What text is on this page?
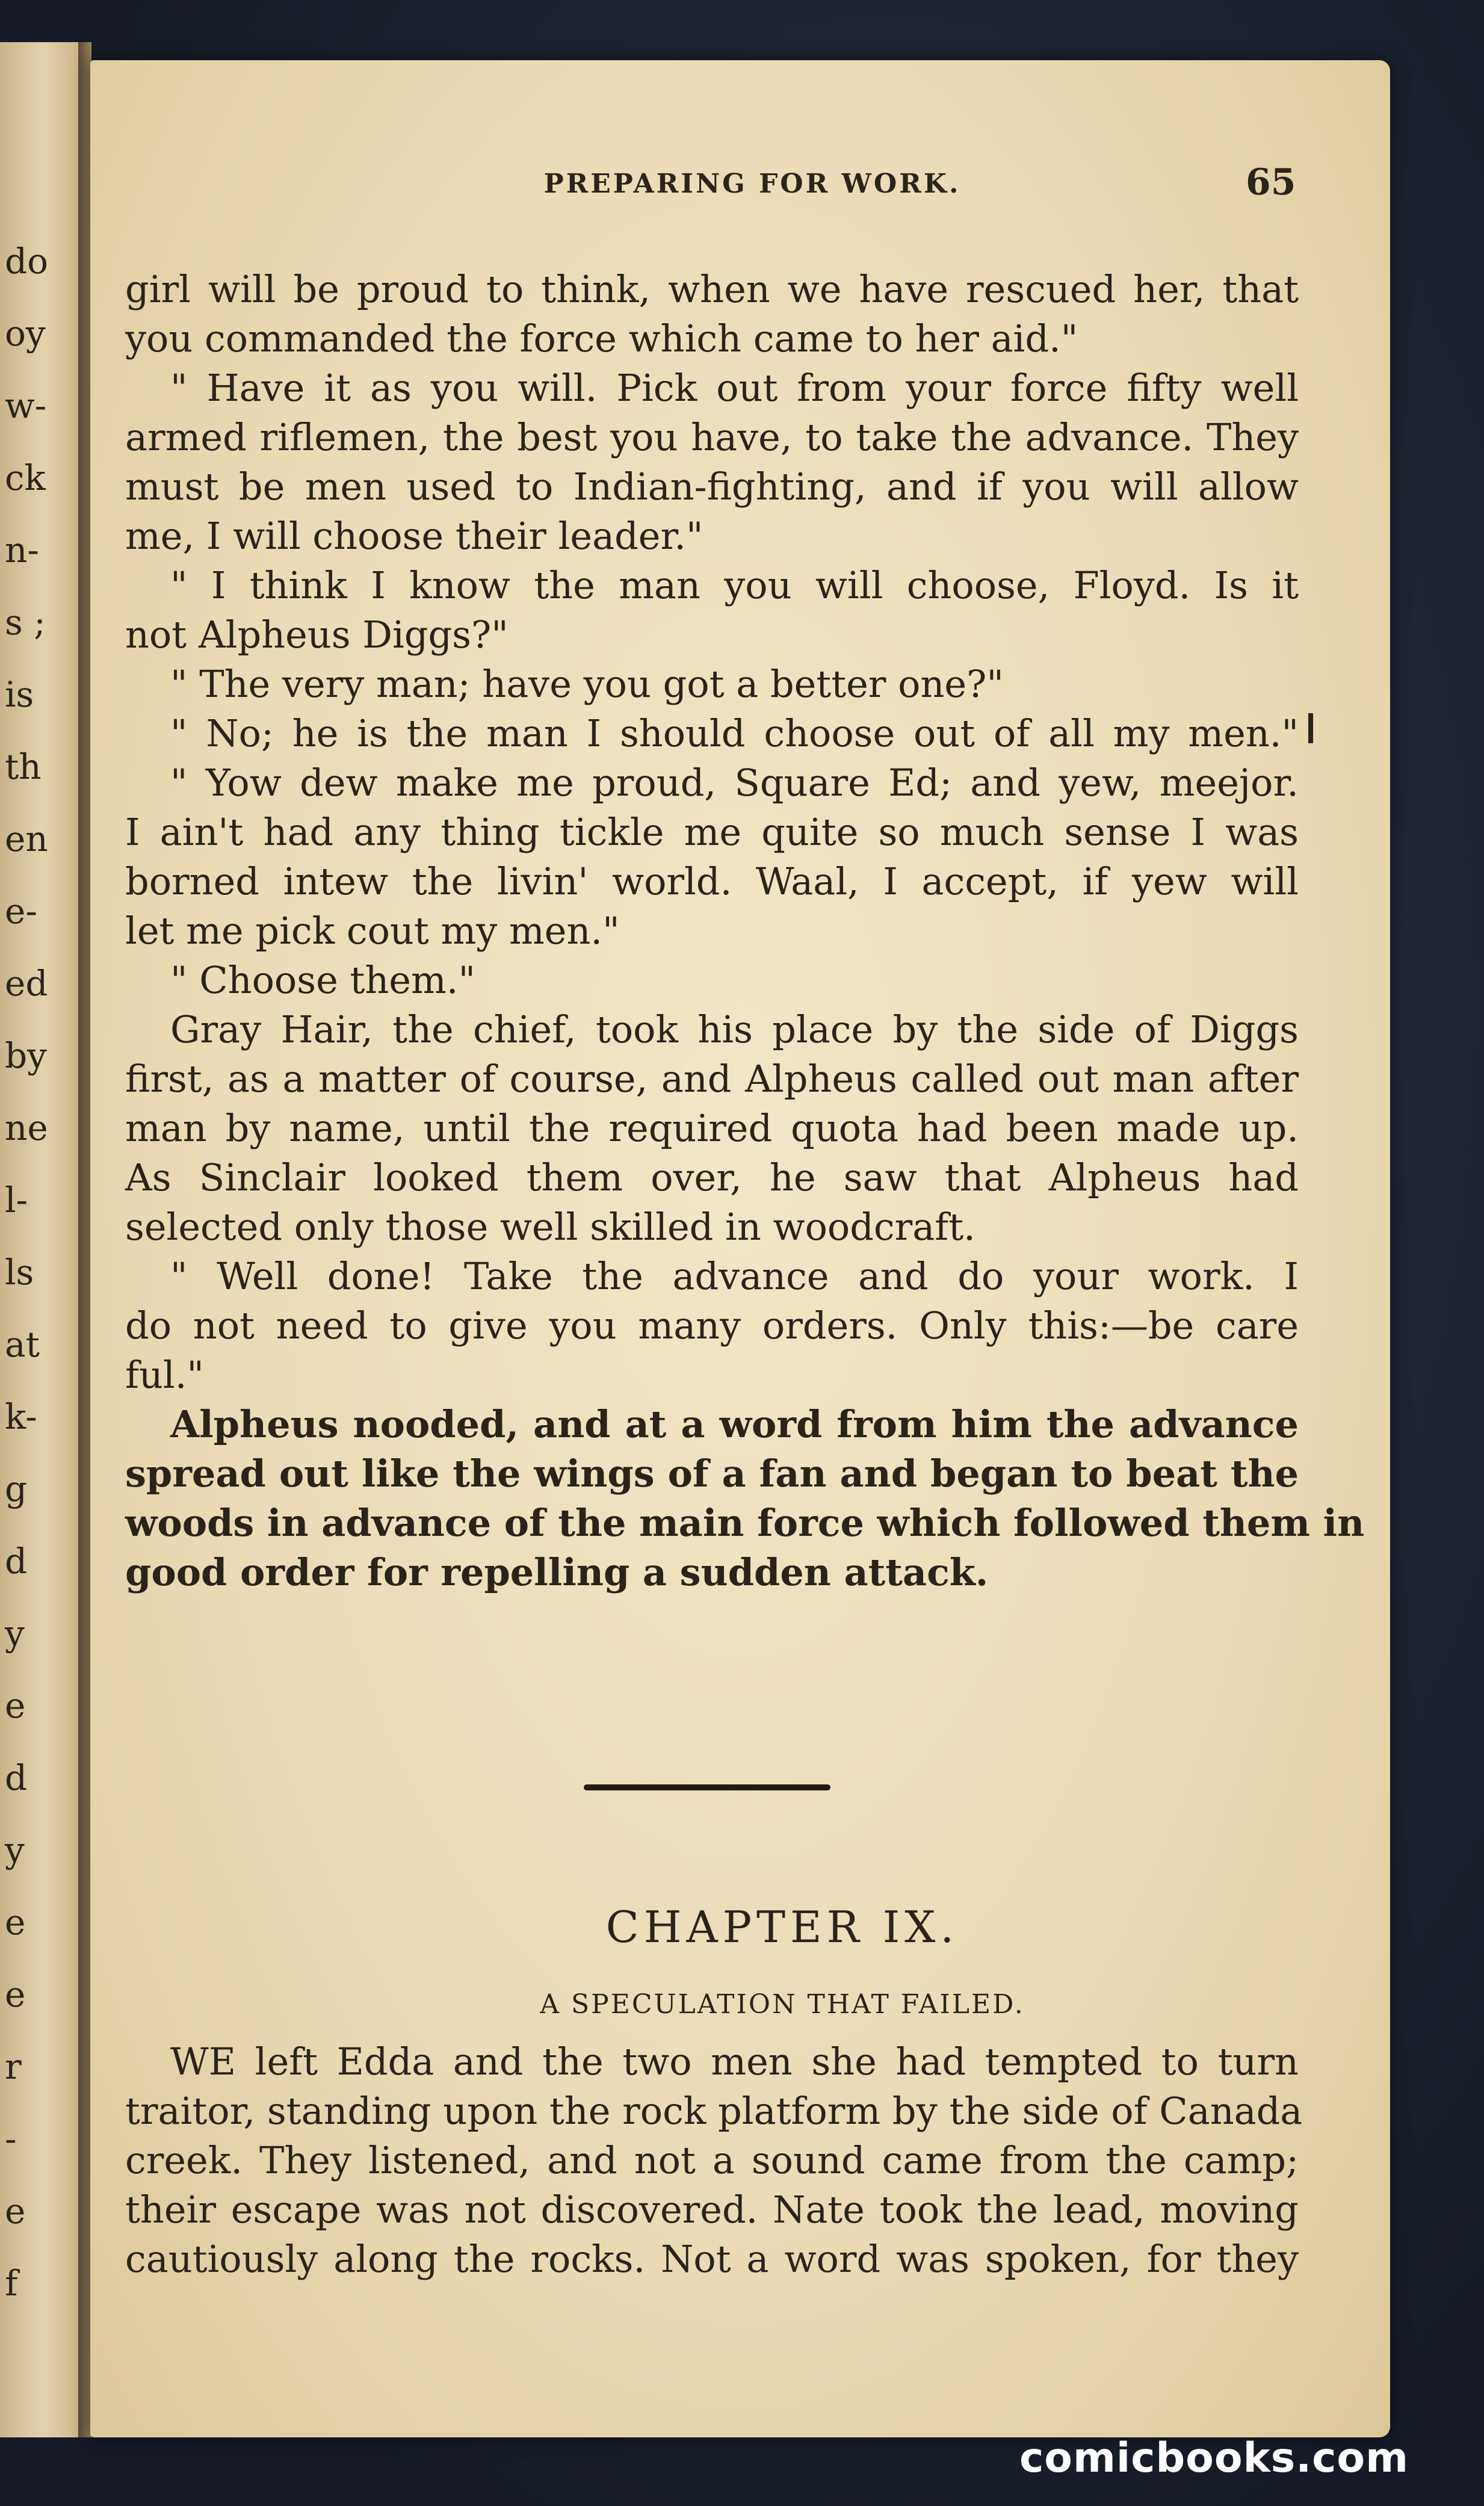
do
oy
w-
ck
n-
s ;
is
th
en
e-
ed
by
ne
l-
ls
at
k-
g
d
y
e
d
y
e
e
r
-
e
f
PREPARING FOR WORK.	65
girl will be proud to think, when we have rescued her, that
you commanded the force which came to her aid."
" Have it as you will. Pick out from your force fifty well
armed riflemen, the best you have, to take the advance. They
must be men used to Indian-fighting, and if you will allow
me, I will choose their leader."
" I think I know the man you will choose, Floyd. Is it
not Alpheus Diggs?"
" The very man; have you got a better one?"
" No; he is the man I should choose out of all my men."
" Yow dew make me proud, Square Ed; and yew, meejor.
I ain't had any thing tickle me quite so much sense I was
borned intew the livin' world. Waal, I accept, if yew will
let me pick cout my men."
" Choose them."
Gray Hair, the chief, took his place by the side of Diggs
first, as a matter of course, and Alpheus called out man after
man by name, until the required quota had been made up.
As Sinclair looked them over, he saw that Alpheus had
selected only those well skilled in woodcraft.
" Well done! Take the advance and do your work. I
do not need to give you many orders. Only this:—be care
ful."
Alpheus nooded, and at a word from him the advance
spread out like the wings of a fan and began to beat the
woods in advance of the main force which followed them in
good order for repelling a sudden attack.
CHAPTER IX.
A SPECULATION THAT FAILED.
WE left Edda and the two men she had tempted to turn
traitor, standing upon the rock platform by the side of Canada
creek. They listened, and not a sound came from the camp;
their escape was not discovered. Nate took the lead, moving
cautiously along the rocks. Not a word was spoken, for they
comicbooks.com
